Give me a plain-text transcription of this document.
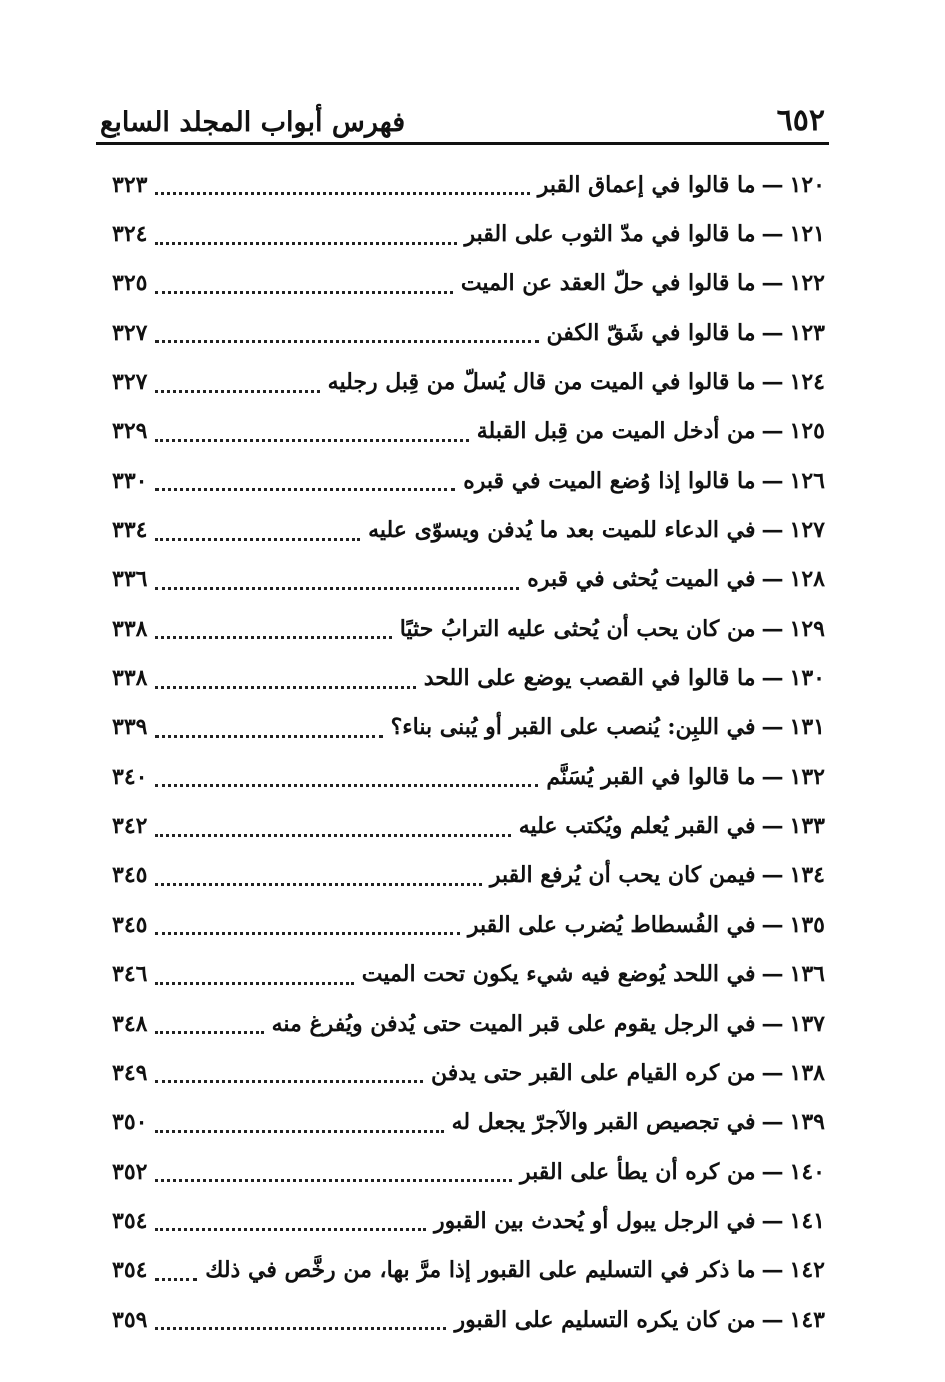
٦٥٢
فهرس أبواب المجلد السابع
١٢٠
—
ما قالوا في إعماق القبر
٣٢٣
١٢١
—
ما قالوا في مدّ الثوب على القبر
٣٢٤
١٢٢
—
ما قالوا في حلّ العقد عن الميت
٣٢٥
١٢٣
—
ما قالوا في شَقّ الكفن
٣٢٧
١٢٤
—
ما قالوا في الميت من قال يُسلّ من قِبل رجليه
٣٢٧
١٢٥
—
من أدخل الميت من قِبل القبلة
٣٢٩
١٢٦
—
ما قالوا إذا وُضع الميت في قبره
٣٣٠
١٢٧
—
في الدعاء للميت بعد ما يُدفن ويسوّى عليه
٣٣٤
١٢٨
—
في الميت يُحثى في قبره
٣٣٦
١٢٩
—
من كان يحب أن يُحثى عليه الترابُ حثيًا
٣٣٨
١٣٠
—
ما قالوا في القصب يوضع على اللحد
٣٣٨
١٣١
—
في اللبِن: يُنصب على القبر أو يُبنى بناء؟
٣٣٩
١٣٢
—
ما قالوا في القبر يُسَنَّم
٣٤٠
١٣٣
—
في القبر يُعلم ويُكتب عليه
٣٤٢
١٣٤
—
فيمن كان يحب أن يُرفع القبر
٣٤٥
١٣٥
—
في الفُسطاط يُضرب على القبر
٣٤٥
١٣٦
—
في اللحد يُوضع فيه شيء يكون تحت الميت
٣٤٦
١٣٧
—
في الرجل يقوم على قبر الميت حتى يُدفن ويُفرغ منه
٣٤٨
١٣٨
—
من كره القيام على القبر حتى يدفن
٣٤٩
١٣٩
—
في تجصيص القبر والآجرّ يجعل له
٣٥٠
١٤٠
—
من كره أن يطأ على القبر
٣٥٢
١٤١
—
في الرجل يبول أو يُحدث بين القبور
٣٥٤
١٤٢
—
ما ذكر في التسليم على القبور إذا مرَّ بها، من رخَّص في ذلك
٣٥٤
١٤٣
—
من كان يكره التسليم على القبور
٣٥٩
